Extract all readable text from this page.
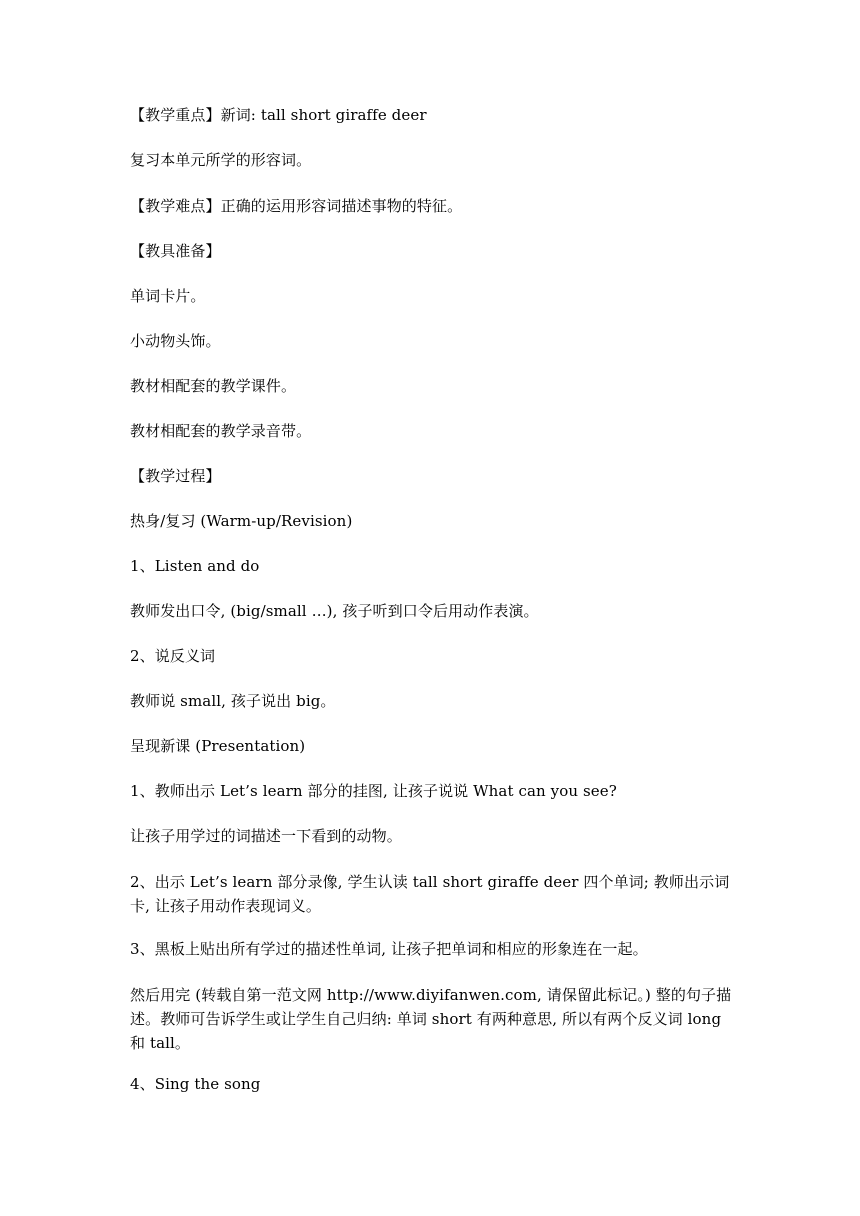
【教学重点】新词: tall short giraffe deer
复习本单元所学的形容词。
【教学难点】正确的运用形容词描述事物的特征。
【教具准备】
单词卡片。
小动物头饰。
教材相配套的教学课件。
教材相配套的教学录音带。
【教学过程】
热身/复习 (Warm-up/Revision)
1、Listen and do
教师发出口令, (big/small …), 孩子听到口令后用动作表演。
2、说反义词
教师说 small, 孩子说出 big。
呈现新课 (Presentation)
1、教师出示 Let’s learn 部分的挂图, 让孩子说说 What can you see?
让孩子用学过的词描述一下看到的动物。
2、出示 Let’s learn 部分录像, 学生认读 tall short giraffe deer 四个单词; 教师出示词卡, 让孩子用动作表现词义。
3、黑板上贴出所有学过的描述性单词, 让孩子把单词和相应的形象连在一起。
然后用完 (转载自第一范文网 http://www.diyifanwen.com, 请保留此标记。) 整的句子描述。教师可告诉学生或让学生自己归纳: 单词 short 有两种意思, 所以有两个反义词 long 和 tall。
4、Sing the song
